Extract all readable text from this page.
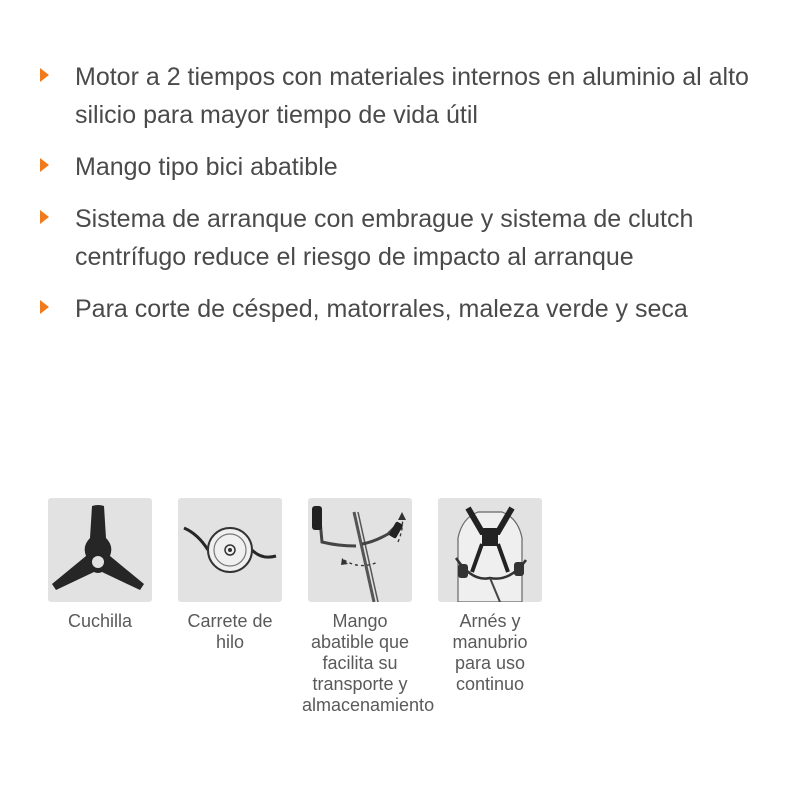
Motor a 2 tiempos con materiales internos en aluminio al alto silicio para mayor tiempo de vida útil
Mango tipo bici abatible
Sistema de arranque con embrague y sistema de clutch centrífugo reduce el riesgo de impacto al arranque
Para corte de césped, matorrales, maleza verde y seca
Cuchilla	Carrete de hilo
Mango abatible que facilita su transporte y almacenamiento
Arnés y manubrio para uso continuo
